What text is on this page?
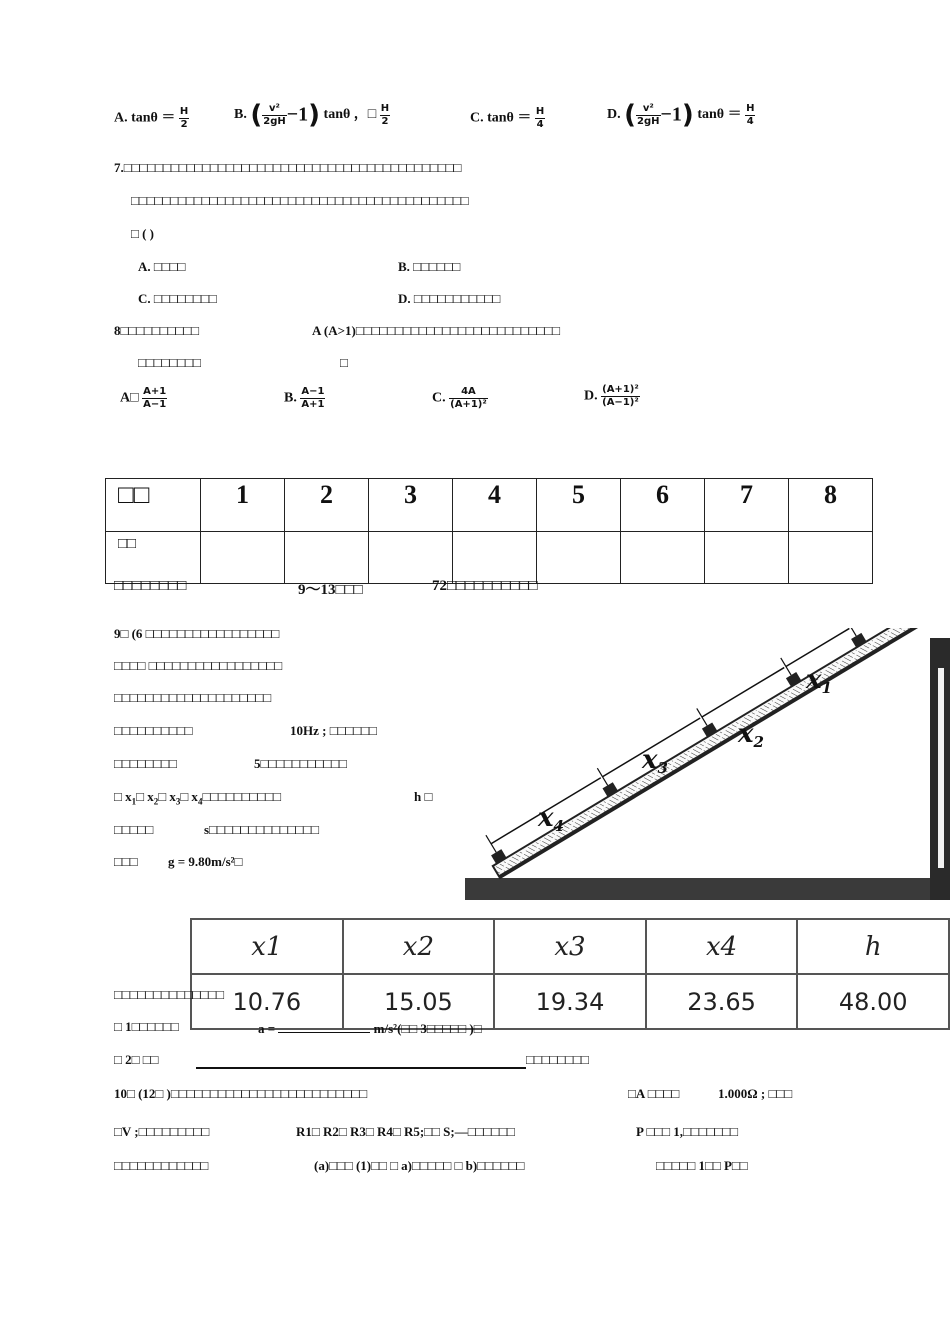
A. $\tan\theta = \frac{H}{2}$	B. ( $\frac{\text{v²}}{2gH} -1$) tanθ ，□ $\frac{H}{2}$	C. $\tan\theta = \frac{H}{4}$	D. ( $\frac{\text{v²}}{2gH} -1$) $\tan\theta = \frac{H}{4}$
7.□□□□□□□□□□□□□□□□□□□□□□□□□□□□□□□□□□□□□□□□□□□
□□□□□□□□□□□□□□□□□□□□□□□□□□□□□□□□□□□□□□□□□□□
□ ( )
A. □□□□	B. □□□□□□
C. □□□□□□□□	D. □□□□□□□□□□□
8□□□□□□□□□□	A (A>1)□□□□□□□□□□□□□□□□□□□□□□□□□□
□□□□□□□□	□
A□ $\frac{A+1}{A-1}$	B. $\frac{A-1}{A+1}$	C. $\frac{4A}{\text{(A+1)²}}$	D. $\frac{\text{(A+1)²}}{\text{(A−1)²}}$
□□	1	2	3	4	5	6	7	8
□□								
□□□□□□□□	9〜13□□□	72□□□□□□□□□□
x4
x3
x2
x1
9□ (6 □□□□□□□□□□□□□□□□□
□□□□ □□□□□□□□□□□□□□□□□
□□□□□□□□□□□□□□□□□□□□
□□□□□□□□□□	10Hz ; □□□□□□
□□□□□□□□	5□□□□□□□□□□□
□ $x_1□$ $x_2□$ $x_3□$ $x_4□□□□□□□□□□$	h □
□□□□□	s□□□□□□□□□□□□□□
□□□ g = 9.80m/s²□
x1	x2	x3	x4	h
10.76	15.05	19.34	23.65	48.00
□□□□□□□□□□□□□□
□ 1□□□□□□	a =	m/s²(□□ 3□□□□□ )□
□ 2□ □□	□□□□□□□□
10□ (12□ )□□□□□□□□□□□□□□□□□□□□□□□□□	□A □□□□	1.000Ω ; □□□
□V ;□□□□□□□□□	R1□ R2□ R3□ R4□ R5;□□ S;—□□□□□□	P □□□ 1,□□□□□□□
□□□□□□□□□□□□	(a)□□□ (1)□□ □ a)□□□□□ □ b)□□□□□□	□□□□□ 1□□ P□□
